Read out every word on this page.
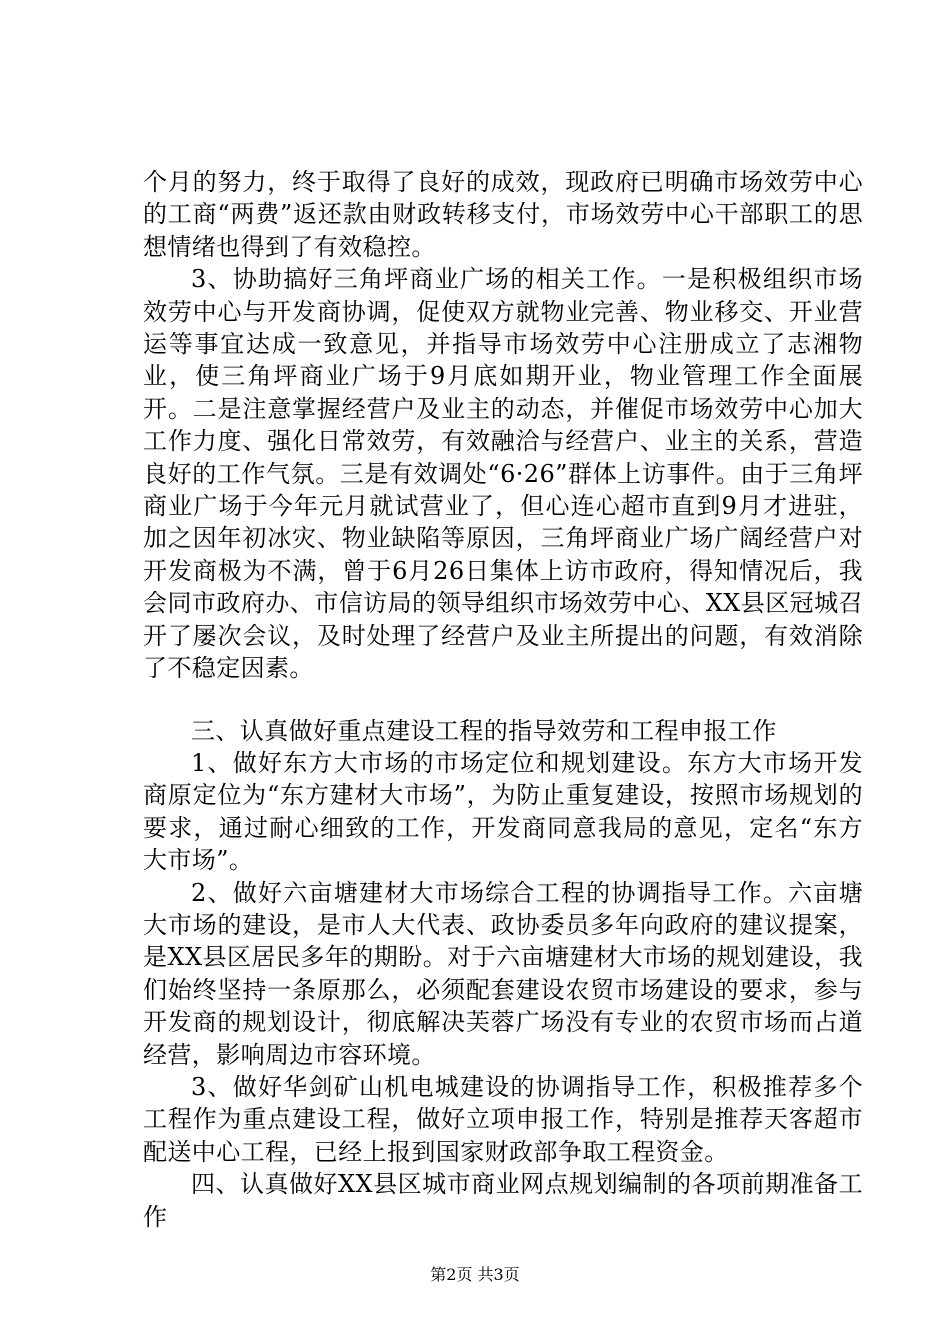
个月的努力，终于取得了良好的成效，现政府已明确市场效劳中心的工商“两费”返还款由财政转移支付，市场效劳中心干部职工的思想情绪也得到了有效稳控。

3、协助搞好三角坪商业广场的相关工作。一是积极组织市场效劳中心与开发商协调，促使双方就物业完善、物业移交、开业营运等事宜达成一致意见，并指导市场效劳中心注册成立了志湘物业，使三角坪商业广场于9月底如期开业，物业管理工作全面展开。二是注意掌握经营户及业主的动态，并催促市场效劳中心加大工作力度、强化日常效劳，有效融洽与经营户、业主的关系，营造良好的工作气氛。三是有效调处“6·26”群体上访事件。由于三角坪商业广场于今年元月就试营业了，但心连心超市直到9月才进驻，加之因年初冰灾、物业缺陷等原因，三角坪商业广场广阔经营户对开发商极为不满，曾于6月26日集体上访市政府，得知情况后，我会同市政府办、市信访局的领导组织市场效劳中心、XX县区冠城召开了屡次会议，及时处理了经营户及业主所提出的问题，有效消除了不稳定因素。

三、认真做好重点建设工程的指导效劳和工程申报工作

1、做好东方大市场的市场定位和规划建设。东方大市场开发商原定位为“东方建材大市场”，为防止重复建设，按照市场规划的要求，通过耐心细致的工作，开发商同意我局的意见，定名“东方大市场”。

2、做好六亩塘建材大市场综合工程的协调指导工作。六亩塘大市场的建设，是市人大代表、政协委员多年向政府的建议提案，是XX县区居民多年的期盼。对于六亩塘建材大市场的规划建设，我们始终坚持一条原那么，必须配套建设农贸市场建设的要求，参与开发商的规划设计，彻底解决芙蓉广场没有专业的农贸市场而占道经营，影响周边市容环境。

3、做好华剑矿山机电城建设的协调指导工作，积极推荐多个工程作为重点建设工程，做好立项申报工作，特别是推荐天客超市配送中心工程，已经上报到国家财政部争取工程资金。

四、认真做好XX县区城市商业网点规划编制的各项前期准备工作

第2页 共3页
